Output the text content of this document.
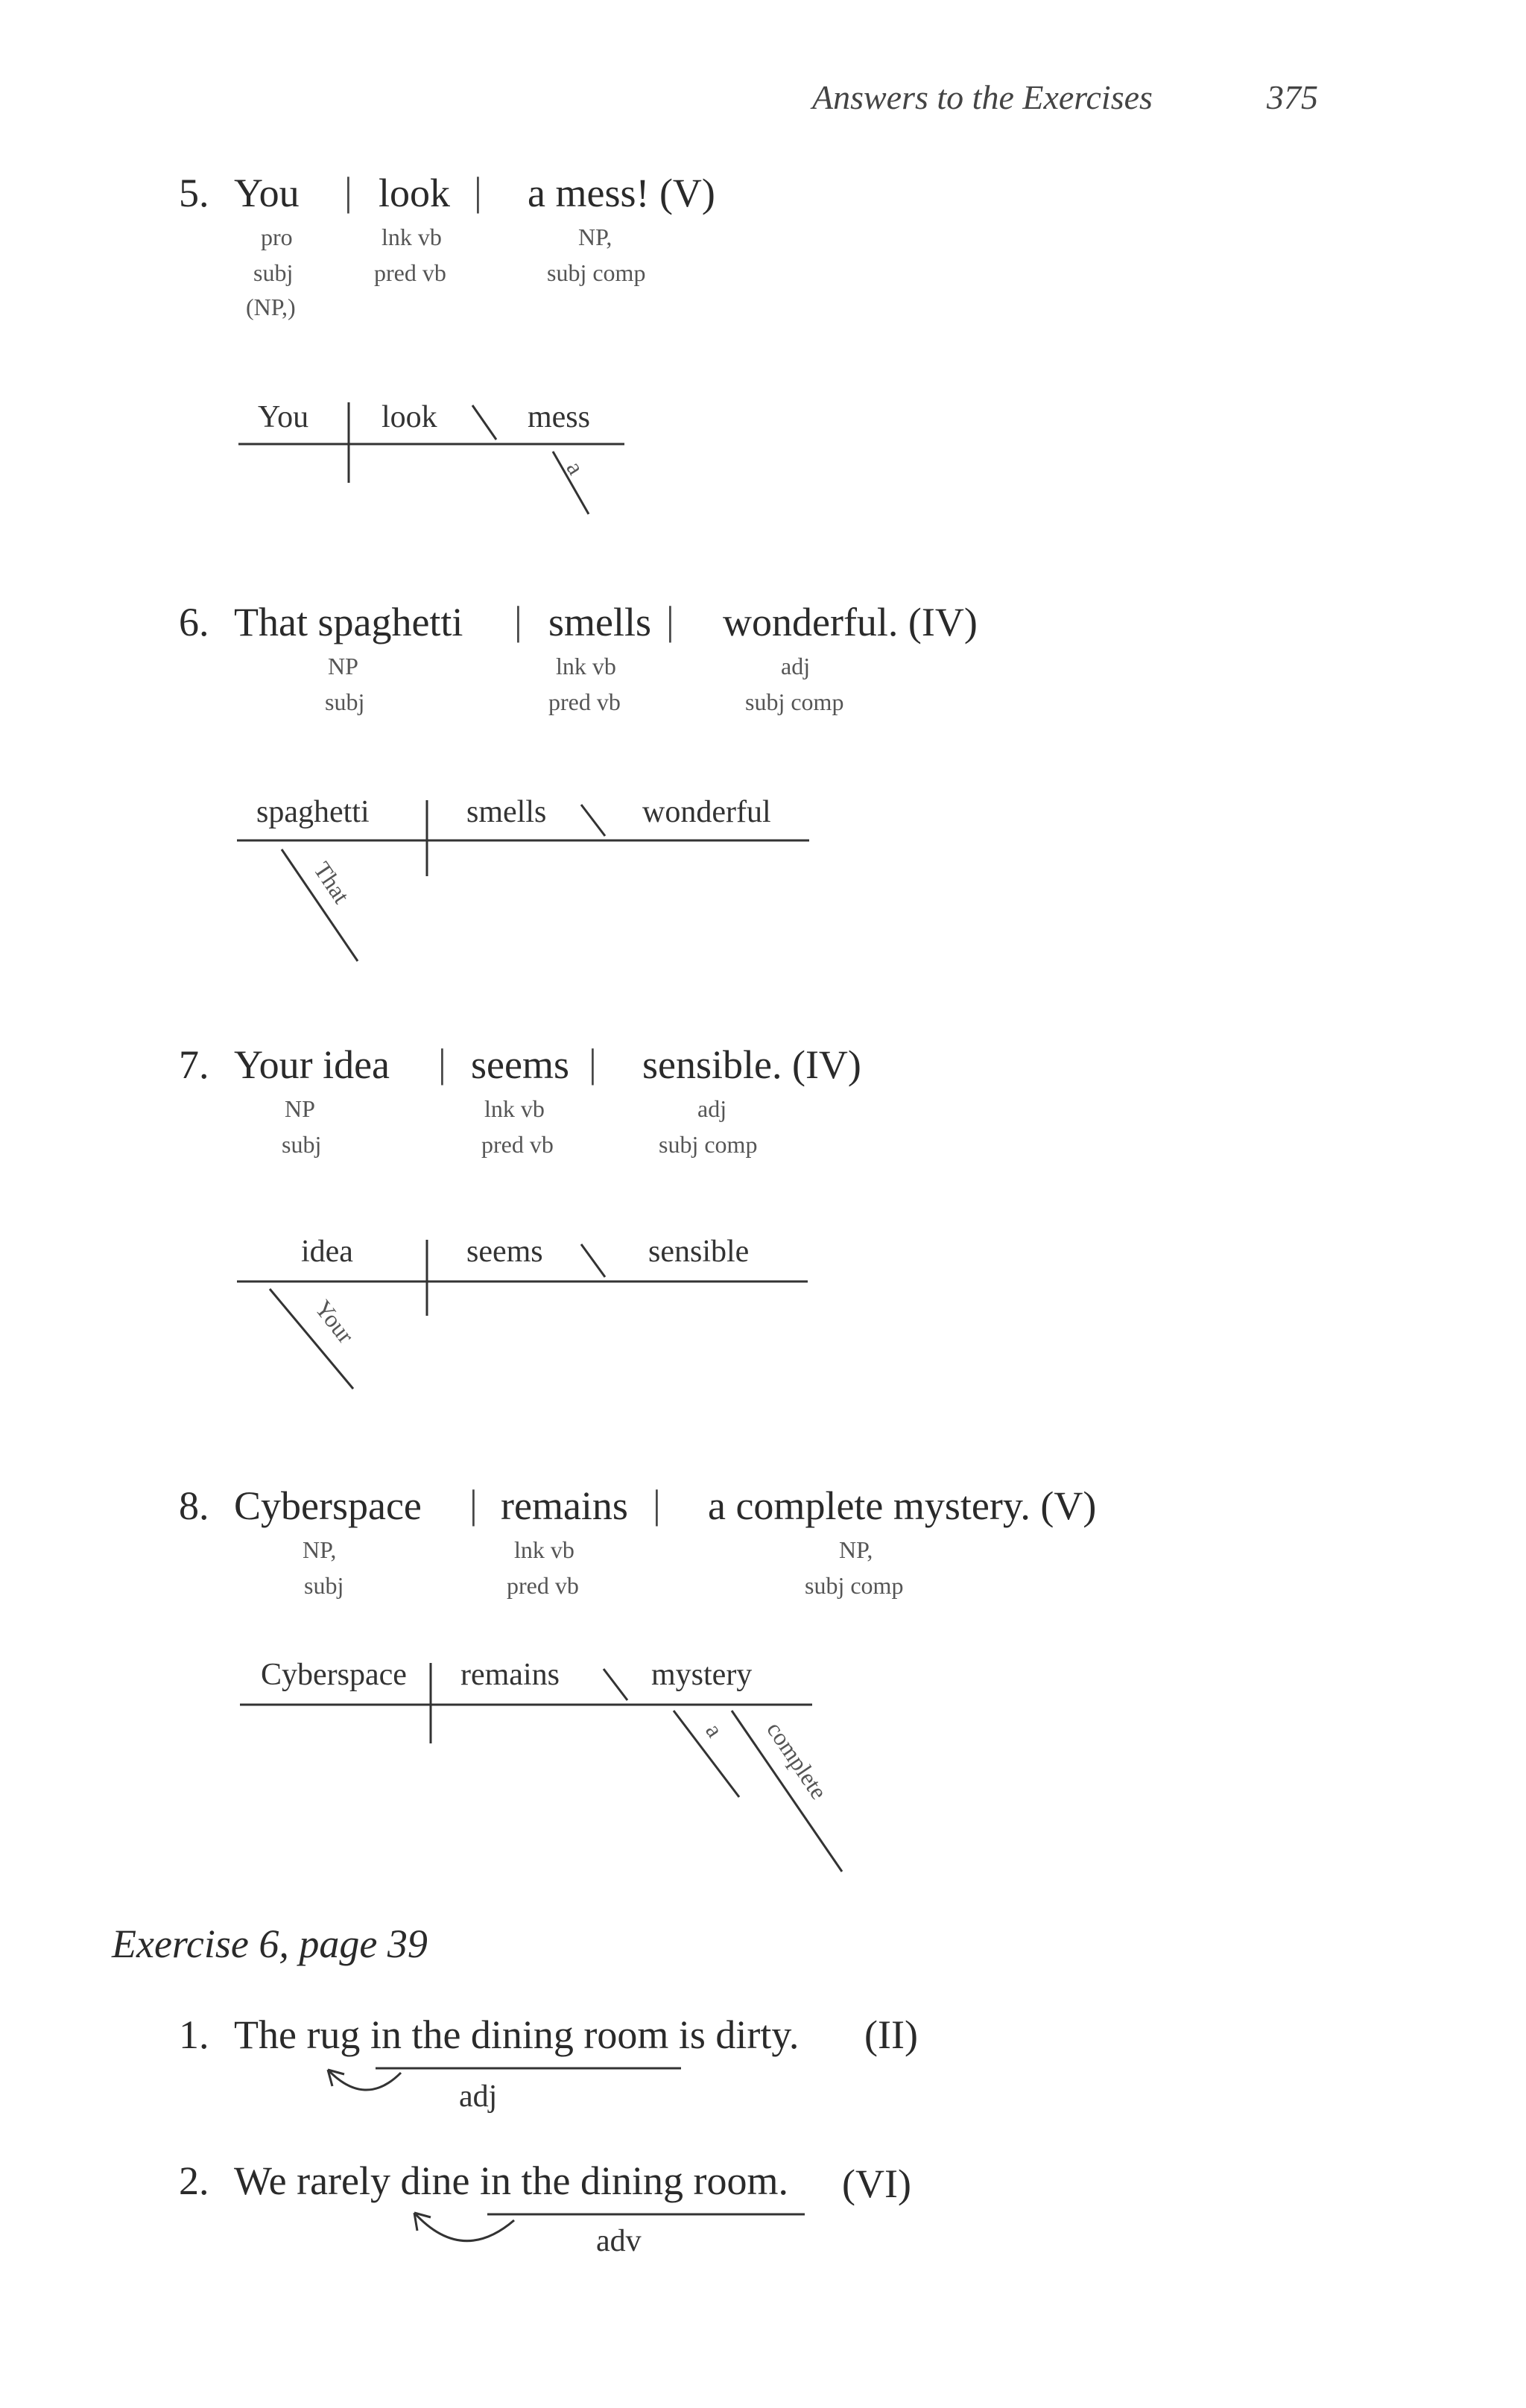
Answers to the Exercises	375
5. You | look | a mess! (V)
pro
subj
(NP,)
lnk vb
pred vb
NP,
subj comp
You look	mess
a
6. That spaghetti | smells | wonderful. (IV)
NP
subj
lnk vb
pred vb
adj
subj comp
spaghetti	smells	wonderful
That
7. Your idea | seems | sensible. (IV)
NP
subj
lnk vb
pred vb
adj
subj comp
idea	seems	sensible
Your
8. Cyberspace | remains | a complete mystery. (V)
NP,
subj
lnk vb
pred vb
NP,
subj comp
Cyberspace remains	mystery
a complete
Exercise 6, page 39
1. The rug in the dining room is dirty. (II)
adj
2. We rarely dine in the dining room. (VI)
adv
